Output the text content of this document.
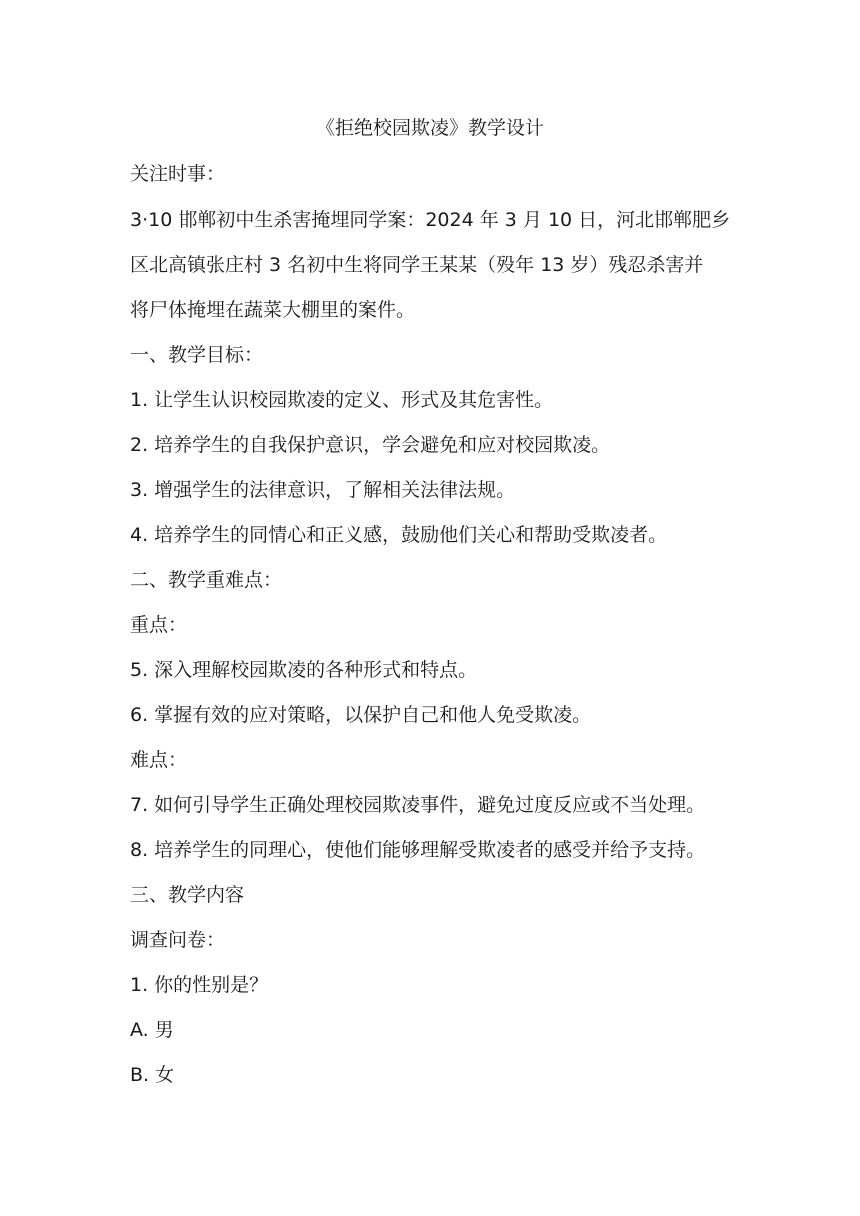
《拒绝校园欺凌》教学设计
关注时事：
3·10 邯郸初中生杀害掩埋同学案：2024 年 3 月 10 日，河北邯郸肥乡
区北高镇张庄村 3 名初中生将同学王某某（殁年 13 岁）残忍杀害并
将尸体掩埋在蔬菜大棚里的案件。
一、教学目标：
1. 让学生认识校园欺凌的定义、形式及其危害性。
2. 培养学生的自我保护意识，学会避免和应对校园欺凌。
3. 增强学生的法律意识，了解相关法律法规。
4. 培养学生的同情心和正义感，鼓励他们关心和帮助受欺凌者。
二、教学重难点：
重点：
5. 深入理解校园欺凌的各种形式和特点。
6. 掌握有效的应对策略，以保护自己和他人免受欺凌。
难点：
7. 如何引导学生正确处理校园欺凌事件，避免过度反应或不当处理。
8. 培养学生的同理心，使他们能够理解受欺凌者的感受并给予支持。
三、教学内容
调查问卷：
1. 你的性别是？
A. 男
B. 女
